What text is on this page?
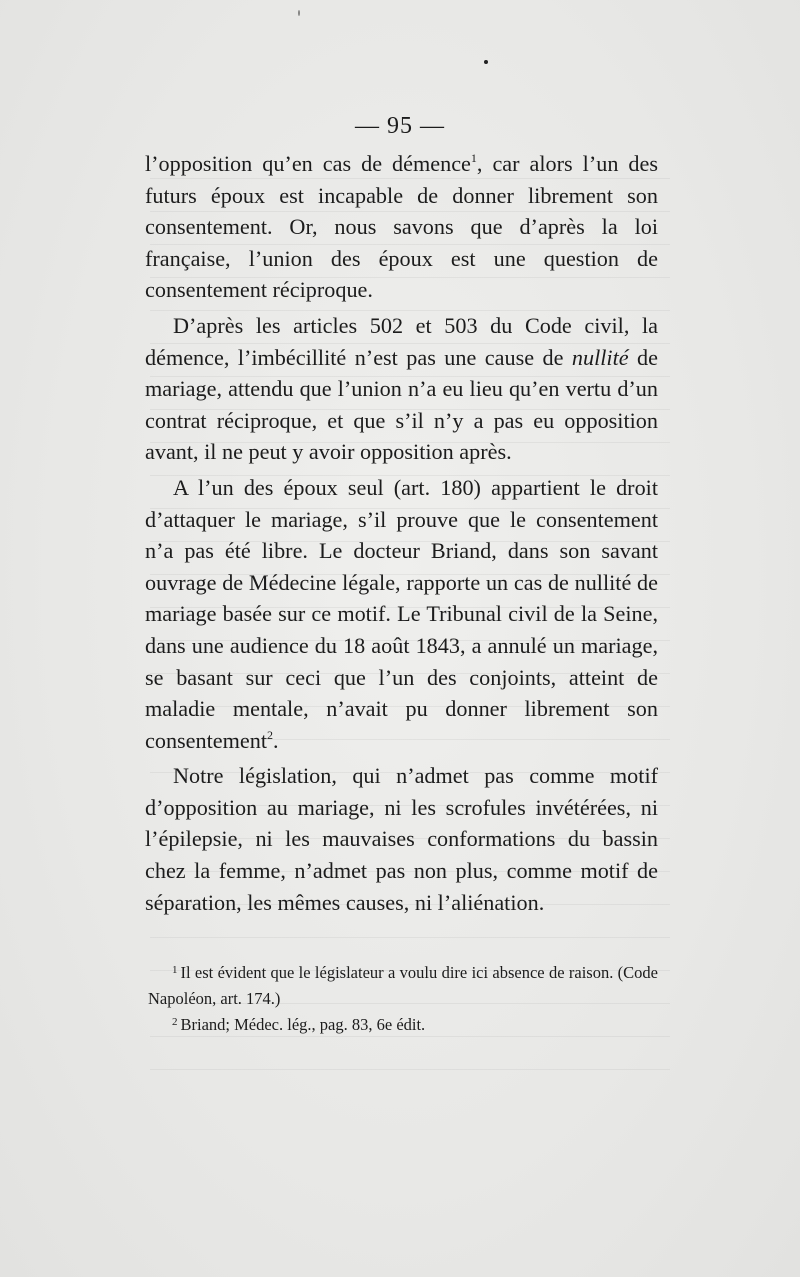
— 95 —

l’opposition qu’en cas de démence$^1$, car alors l’un des futurs époux est incapable de donner librement son consentement. Or, nous savons que d’après la loi française, l’union des époux est une question de consentement réciproque.

D’après les articles 502 et 503 du Code civil, la démence, l’imbécillité n’est pas une cause de nullité de mariage, attendu que l’union n’a eu lieu qu’en vertu d’un contrat réciproque, et que s’il n’y a pas eu opposition avant, il ne peut y avoir opposition après.

A l’un des époux seul (art. 180) appartient le droit d’attaquer le mariage, s’il prouve que le consentement n’a pas été libre. Le docteur Briand, dans son savant ouvrage de Médecine légale, rapporte un cas de nullité de mariage basée sur ce motif. Le Tribunal civil de la Seine, dans une audience du 18 août 1843, a annulé un mariage, se basant sur ceci que l’un des conjoints, atteint de maladie mentale, n’avait pu donner librement son consentement$^2$.

Notre législation, qui n’admet pas comme motif d’opposition au mariage, ni les scrofules invétérées, ni l’épilepsie, ni les mauvaises conformations du bassin chez la femme, n’admet pas non plus, comme motif de séparation, les mêmes causes, ni l’aliénation.

$^1$ Il est évident que le législateur a voulu dire ici absence de raison. (Code Napoléon, art. 174.)

$^2$ Briand; Médec. lég., pag. 83, 6e édit.
